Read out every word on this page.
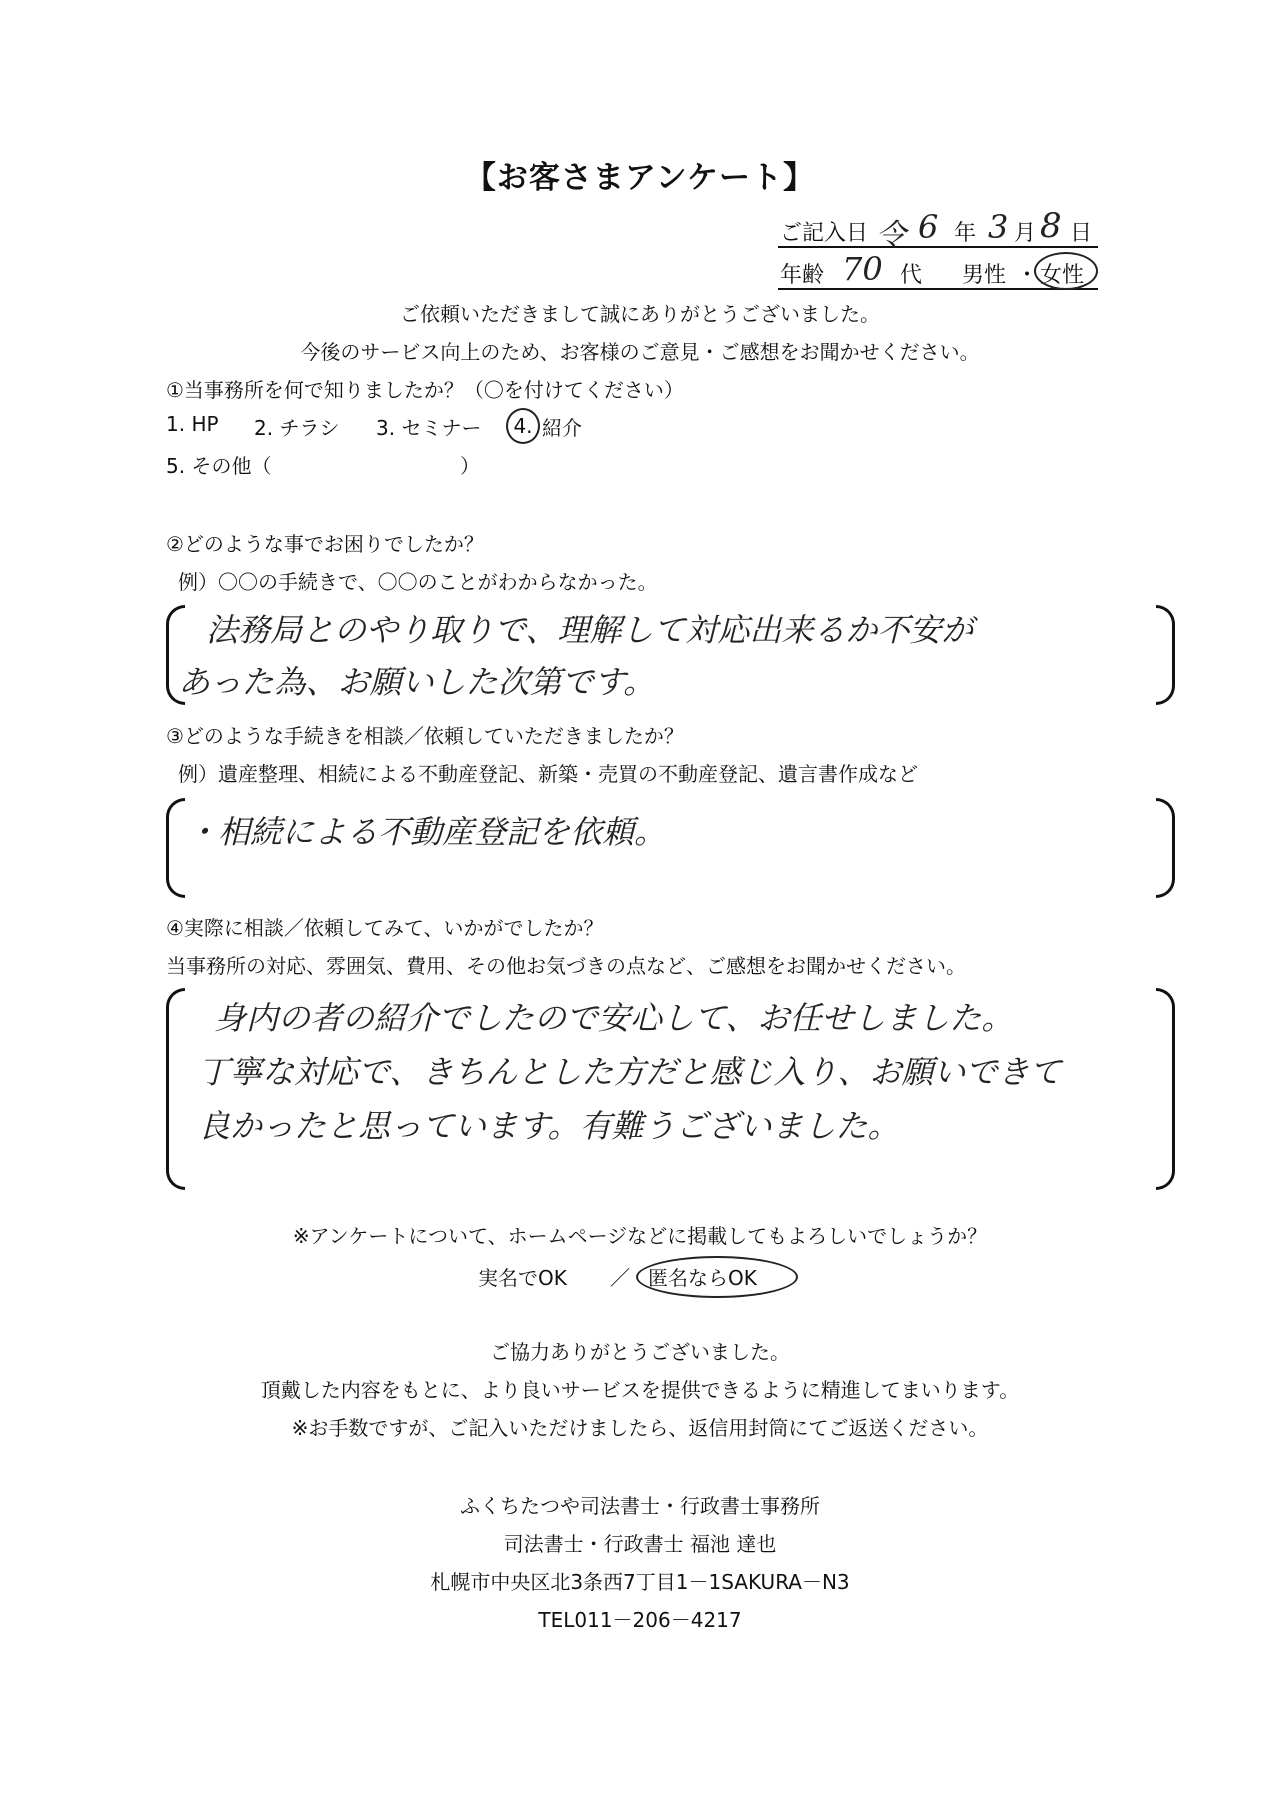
【お客さまアンケート】
ご記入日 令 6 年 3 月 8 日
年齢 70 代 男性 ・ 女性
ご依頼いただきまして誠にありがとうございました。
今後のサービス向上のため、お客様のご意見・ご感想をお聞かせください。
①当事務所を何で知りましたか？（〇を付けてください）
1. HP 2. チラシ 3. セミナー	4. 紹介
5. その他（	）
②どのような事でお困りでしたか？
例）〇〇の手続きで、〇〇のことがわからなかった。
法務局とのやり取りで、理解して対応出来るか不安が
あった為、お願いした次第です。
③どのような手続きを相談／依頼していただきましたか？
例）遺産整理、相続による不動産登記、新築・売買の不動産登記、遺言書作成など
・相続による不動産登記を依頼。
④実際に相談／依頼してみて、いかがでしたか？
当事務所の対応、雰囲気、費用、その他お気づきの点など、ご感想をお聞かせください。
身内の者の紹介でしたので安心して、お任せしました。
丁寧な対応で、きちんとした方だと感じ入り、お願いできて
良かったと思っています。有難うございました。
※アンケートについて、ホームページなどに掲載してもよろしいでしょうか？
実名でOK ／ 匿名ならOK
ご協力ありがとうございました。
頂戴した内容をもとに、より良いサービスを提供できるように精進してまいります。
※お手数ですが、ご記入いただけましたら、返信用封筒にてご返送ください。
ふくちたつや司法書士・行政書士事務所
司法書士・行政書士 福池 達也
札幌市中央区北3条西7丁目1－1SAKURA－N3
TEL011－206－4217
